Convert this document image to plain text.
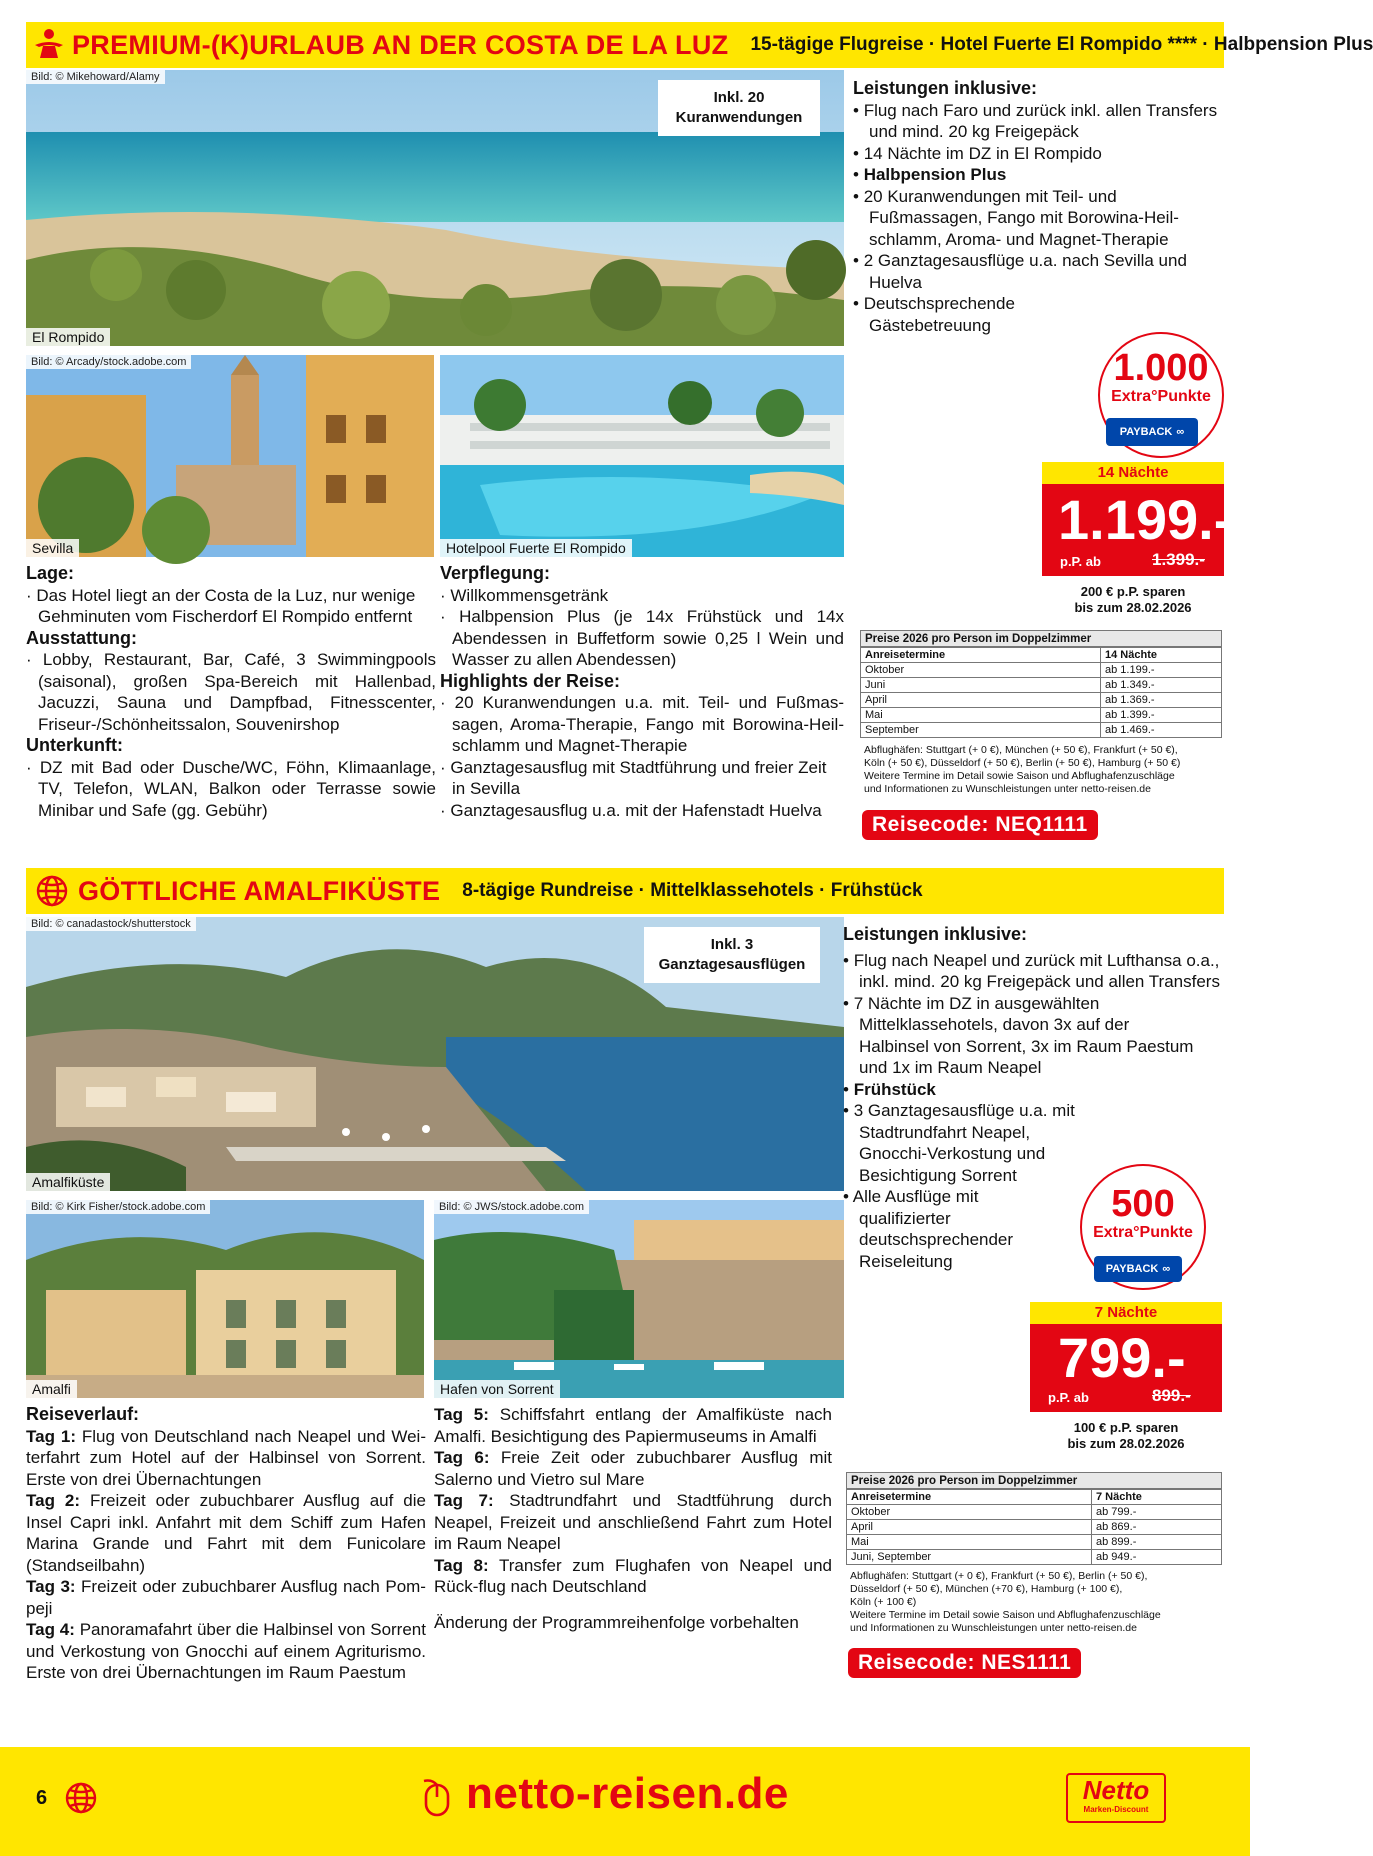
PREMIUM-(K)URLAUB AN DER COSTA DE LA LUZ 15-tägige Flugreise · Hotel Fuerte El Rompido **** · Halbpension Plus
Bild: © Mikehoward/Alamy
El Rompido
Inkl. 20
Kuranwendungen
Bild: © Arcady/stock.adobe.com
Sevilla	Hotelpool Fuerte El Rompido
Leistungen inklusive:
• Flug nach Faro und zurück inkl. allen Transfers und mind. 20 kg Freigepäck
• 14 Nächte im DZ in El Rompido
• Halbpension Plus
• 20 Kuranwendungen mit Teil- und Fußmassagen, Fango mit Borowina-Heil-schlamm, Aroma- und Magnet-Therapie
• 2 Ganztagesausflüge u.a. nach Sevilla und Huelva
• Deutschsprechende Gästebetreuung
1.000
Extra°Punkte
PAYBACK ∞
14 Nächte
1.199.-
p.P. ab	1.399.-
200 € p.P. sparen
bis zum 28.02.2026
Preise 2026 pro Person im Doppelzimmer
Anreisetermine	14 Nächte
Oktober	ab 1.199.-
Juni	ab 1.349.-
April	ab 1.369.-
Mai	ab 1.399.-
September	ab 1.469.-
Abflughäfen: Stuttgart (+ 0 €), München (+ 50 €), Frankfurt (+ 50 €),
Köln (+ 50 €), Düsseldorf (+ 50 €), Berlin (+ 50 €), Hamburg (+ 50 €)
Weitere Termine im Detail sowie Saison und Abflughafenzuschläge
und Informationen zu Wunschleistungen unter netto-reisen.de
Reisecode: NEQ1111
Lage:
· Das Hotel liegt an der Costa de la Luz, nur wenige Gehminuten vom Fischerdorf El Rompido entfernt
Ausstattung:
· Lobby, Restaurant, Bar, Café, 3 Swimmingpools (saisonal), großen Spa-Bereich mit Hallenbad, Jacuzzi, Sauna und Dampfbad, Fitnesscenter, Friseur-/Schönheitssalon, Souvenirshop
Unterkunft:
· DZ mit Bad oder Dusche/WC, Föhn, Klimaanlage, TV, Telefon, WLAN, Balkon oder Terrasse sowie Minibar und Safe (gg. Gebühr)
Verpflegung:
· Willkommensgetränk
· Halbpension Plus (je 14x Frühstück und 14x Abendessen in Buffetform sowie 0,25 l Wein und Wasser zu allen Abendessen)
Highlights der Reise:
· 20 Kuranwendungen u.a. mit. Teil- und Fußmas-sagen, Aroma-Therapie, Fango mit Borowina-Heil-schlamm und Magnet-Therapie
· Ganztagesausflug mit Stadtführung und freier Zeit in Sevilla
· Ganztagesausflug u.a. mit der Hafenstadt Huelva
GÖTTLICHE AMALFIKÜSTE 8-tägige Rundreise · Mittelklassehotels · Frühstück
Bild: © canadastock/shutterstock
Amalfiküste
Inkl. 3
Ganztagesausflügen
Bild: © Kirk Fisher/stock.adobe.com
Amalfi
Bild: © JWS/stock.adobe.com
Hafen von Sorrent
Leistungen inklusive:
• Flug nach Neapel und zurück mit Lufthansa o.a., inkl. mind. 20 kg Freigepäck und allen Transfers
• 7 Nächte im DZ in ausgewählten Mittelklassehotels, davon 3x auf der Halbinsel von Sorrent, 3x im Raum Paestum und 1x im Raum Neapel
• Frühstück
• 3 Ganztagesausflüge u.a. mit Stadtrundfahrt Neapel, Gnocchi-Verkostung und Besichtigung Sorrent
• Alle Ausflüge mit qualifizierter deutschsprechender Reiseleitung
500
Extra°Punkte
PAYBACK ∞
7 Nächte
799.-
p.P. ab	899.-
100 € p.P. sparen
bis zum 28.02.2026
Preise 2026 pro Person im Doppelzimmer
Anreisetermine	7 Nächte
Oktober	ab 799.-
April	ab 869.-
Mai	ab 899.-
Juni, September	ab 949.-
Abflughäfen: Stuttgart (+ 0 €), Frankfurt (+ 50 €), Berlin (+ 50 €),
Düsseldorf (+ 50 €), München (+70 €), Hamburg (+ 100 €),
Köln (+ 100 €)
Weitere Termine im Detail sowie Saison und Abflughafenzuschläge
und Informationen zu Wunschleistungen unter netto-reisen.de
Reisecode: NES1111
Reiseverlauf:
Tag 1: Flug von Deutschland nach Neapel und Wei-terfahrt zum Hotel auf der Halbinsel von Sorrent. Erste von drei Übernachtungen
Tag 2: Freizeit oder zubuchbarer Ausflug auf die Insel Capri inkl. Anfahrt mit dem Schiff zum Hafen Marina Grande und Fahrt mit dem Funicolare (Standseilbahn)
Tag 3: Freizeit oder zubuchbarer Ausflug nach Pom-peji
Tag 4: Panoramafahrt über die Halbinsel von Sorrent und Verkostung von Gnocchi auf einem Agriturismo. Erste von drei Übernachtungen im Raum Paestum
Tag 5: Schiffsfahrt entlang der Amalfiküste nach Amalfi. Besichtigung des Papiermuseums in Amalfi
Tag 6: Freie Zeit oder zubuchbarer Ausflug mit Salerno und Vietro sul Mare
Tag 7: Stadtrundfahrt und Stadtführung durch Neapel, Freizeit und anschließend Fahrt zum Hotel im Raum Neapel
Tag 8: Transfer zum Flughafen von Neapel und Rück-flug nach Deutschland
Änderung der Programmreihenfolge vorbehalten
6	netto-reisen.de	Netto
Marken-Discount
